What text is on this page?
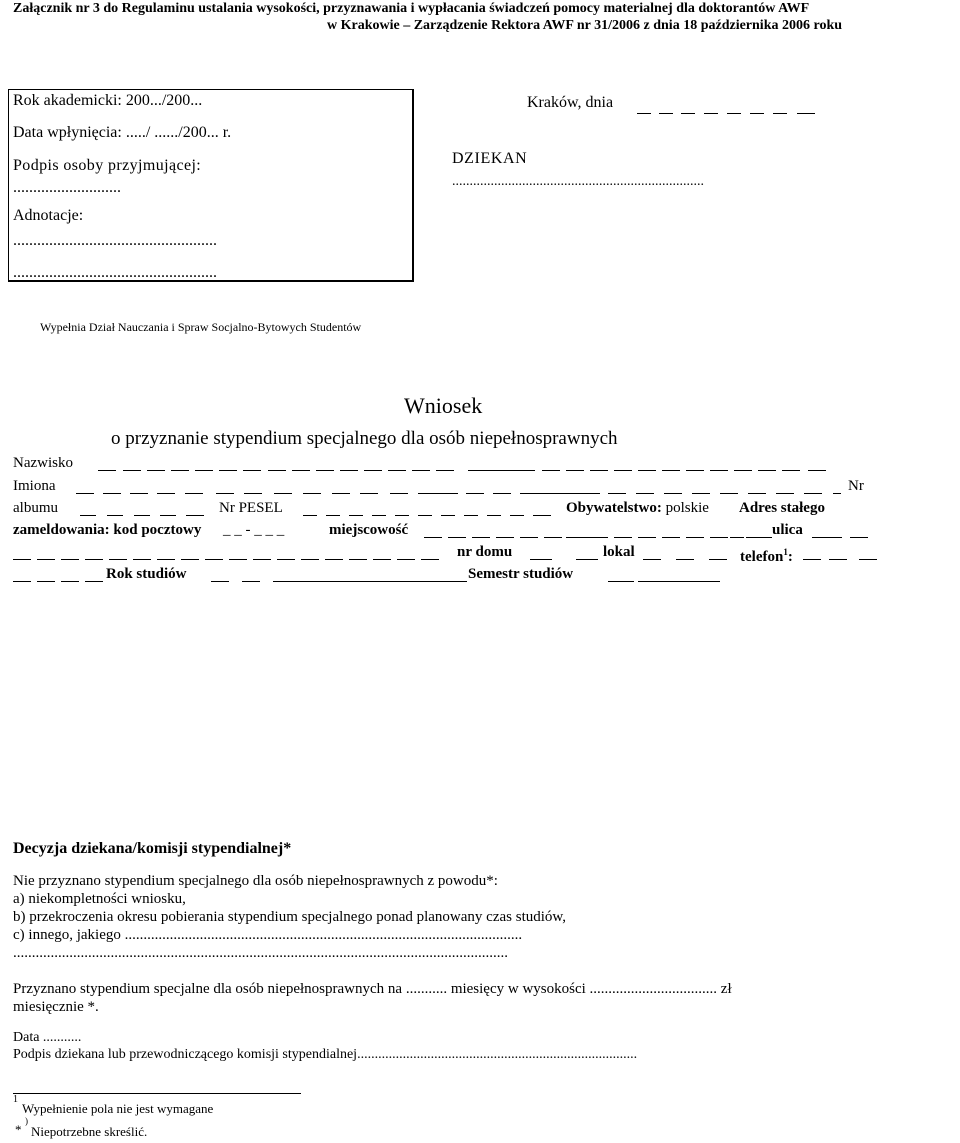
Załącznik nr 3 do Regulaminu ustalania wysokości, przyznawania i wypłacania świadczeń pomocy materialnej dla doktorantów AWF
w Krakowie – Zarządzenie Rektora AWF nr 31/2006 z dnia 18 października 2006 roku
Rok akademicki: 200.../200...
Data wpłynięcia: ...../ ....../200... r.
Podpis osoby przyjmującej:
...........................
Adnotacje:
...................................................
...................................................
Kraków, dnia
DZIEKAN
........................................................................
Wypełnia Dział Nauczania i Spraw Socjalno-Bytowych Studentów
Wniosek
o przyznanie stypendium specjalnego dla osób niepełnosprawnych
Nazwisko
Imiona	Nr
albumu	Nr PESEL	Obywatelstwo: polskie Adres stałego
zameldowania: kod pocztowy _ _ - _ _ _	miejscowość	ulica
nr domu	lokal	telefon$^1$:
Rok studiów	Semestr studiów
Decyzja dziekana/komisji stypendialnej*
Nie przyznano stypendium specjalnego dla osób niepełnosprawnych z powodu*:
a) niekompletności wniosku,
b) przekroczenia okresu pobierania stypendium specjalnego ponad planowany czas studiów,
c) innego, jakiego ..........................................................................................................
....................................................................................................................................
Przyznano stypendium specjalne dla osób niepełnosprawnych na ........... miesięcy w wysokości .................................. zł
miesięcznie *.
Data ...........
Podpis dziekana lub przewodniczącego komisji stypendialnej................................................................................
1
Wypełnienie pola nie jest wymagane
*
)
Niepotrzebne skreślić.
